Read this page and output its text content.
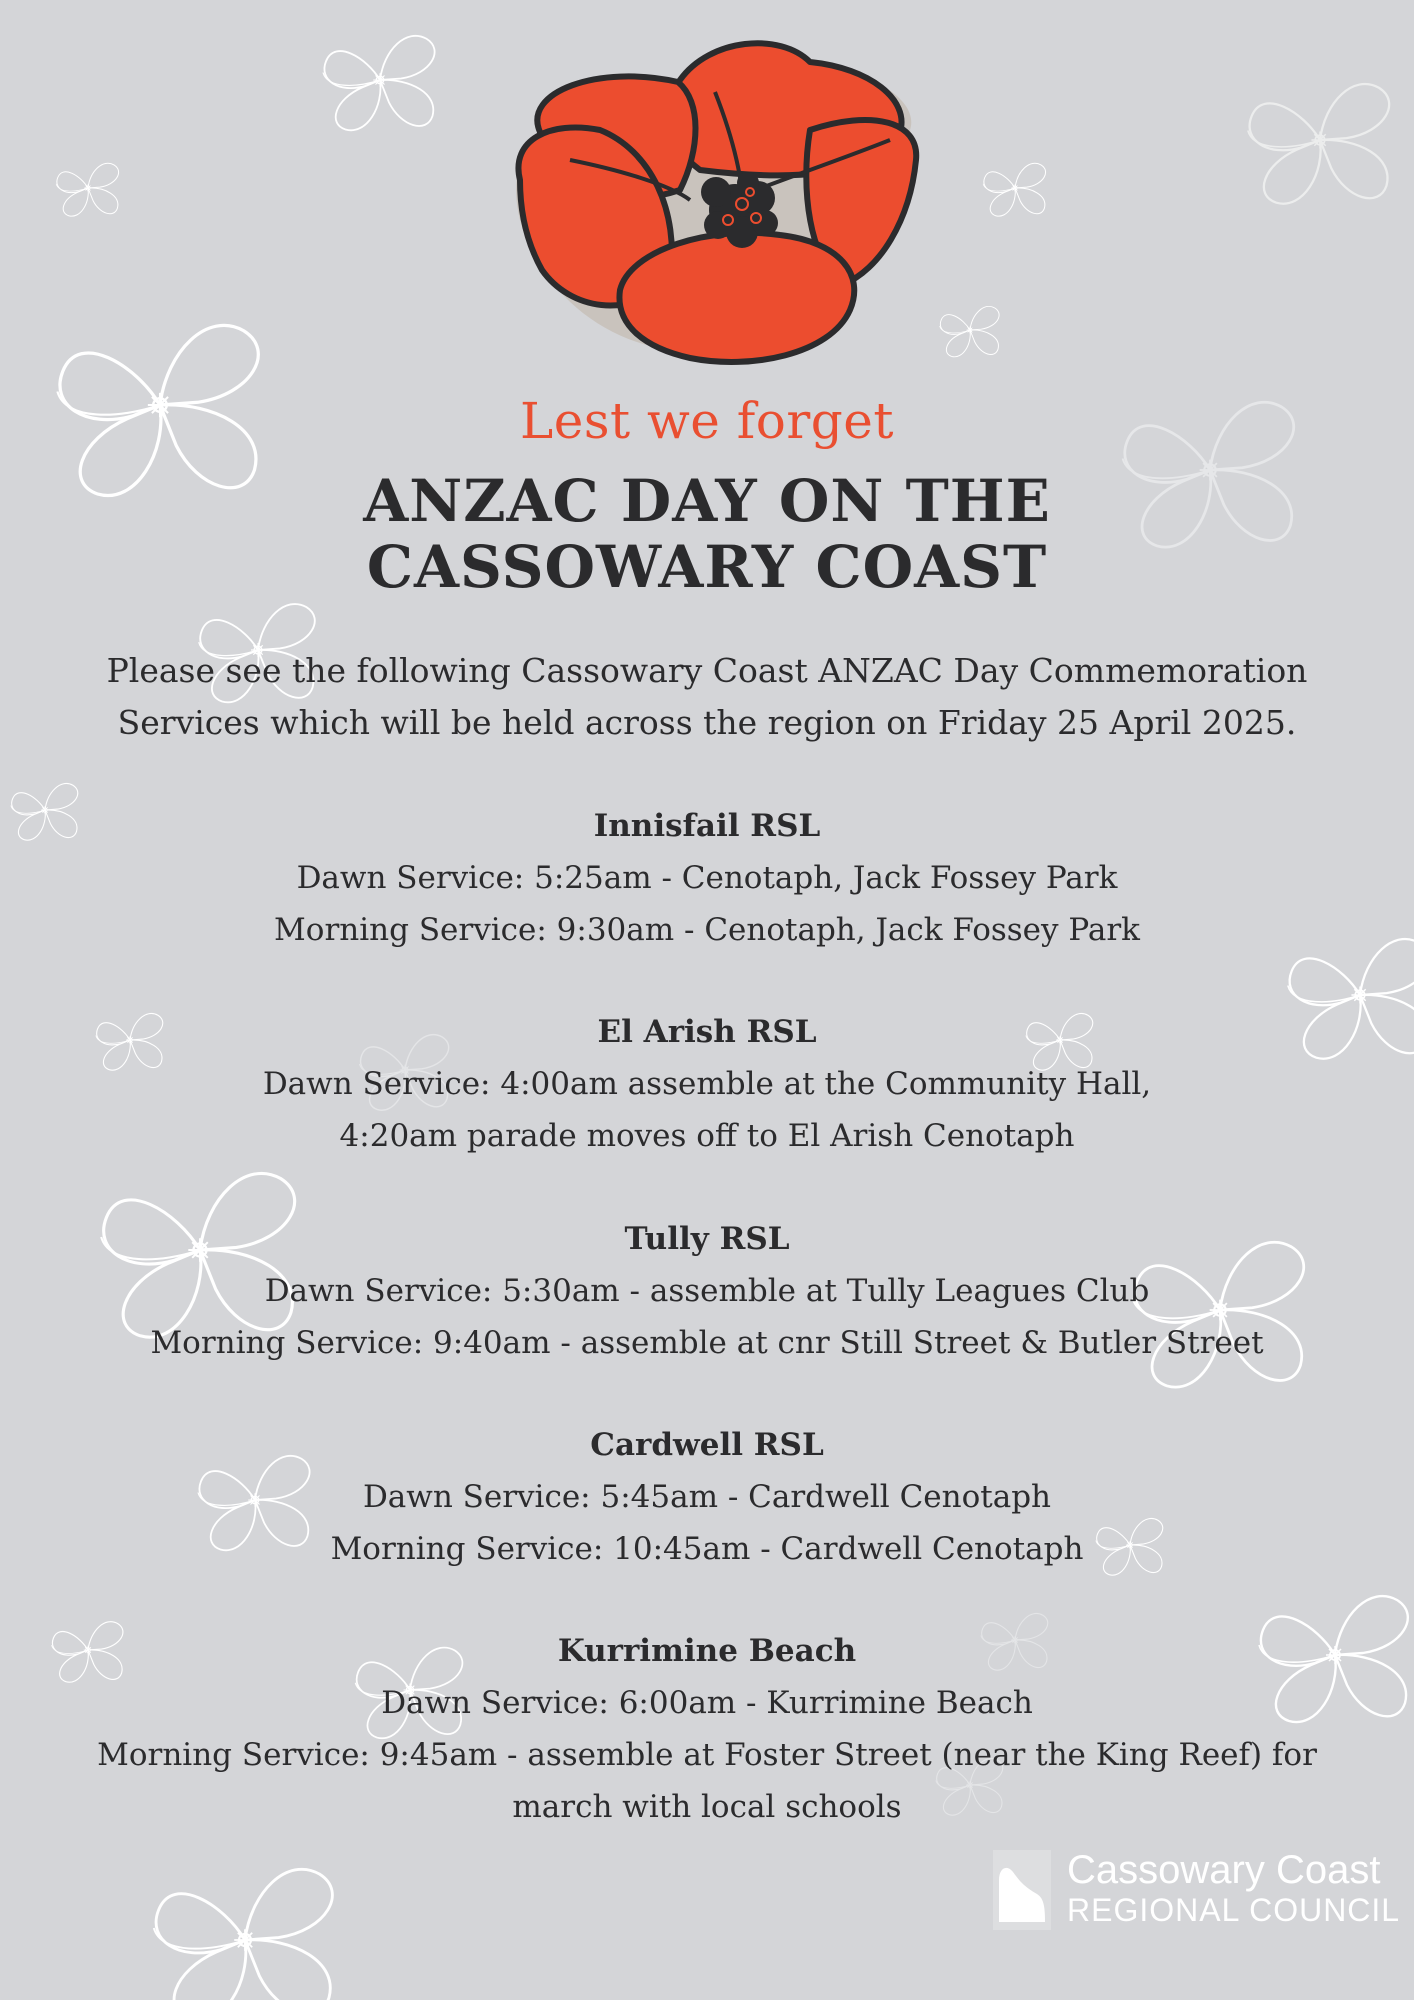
Lest we forget
ANZAC DAY ON THE
CASSOWARY COAST
Please see the following Cassowary Coast ANZAC Day Commemoration
Services which will be held across the region on Friday 25 April 2025.
Innisfail RSL
Dawn Service: 5:25am - Cenotaph, Jack Fossey Park
Morning Service: 9:30am - Cenotaph, Jack Fossey Park
El Arish RSL
Dawn Service: 4:00am assemble at the Community Hall,
4:20am parade moves off to El Arish Cenotaph
Tully RSL
Dawn Service: 5:30am - assemble at Tully Leagues Club
Morning Service: 9:40am - assemble at cnr Still Street & Butler Street
Cardwell RSL
Dawn Service: 5:45am - Cardwell Cenotaph
Morning Service: 10:45am - Cardwell Cenotaph
Kurrimine Beach
Dawn Service: 6:00am - Kurrimine Beach
Morning Service: 9:45am - assemble at Foster Street (near the King Reef) for
march with local schools
Cassowary Coast
REGIONAL COUNCIL
